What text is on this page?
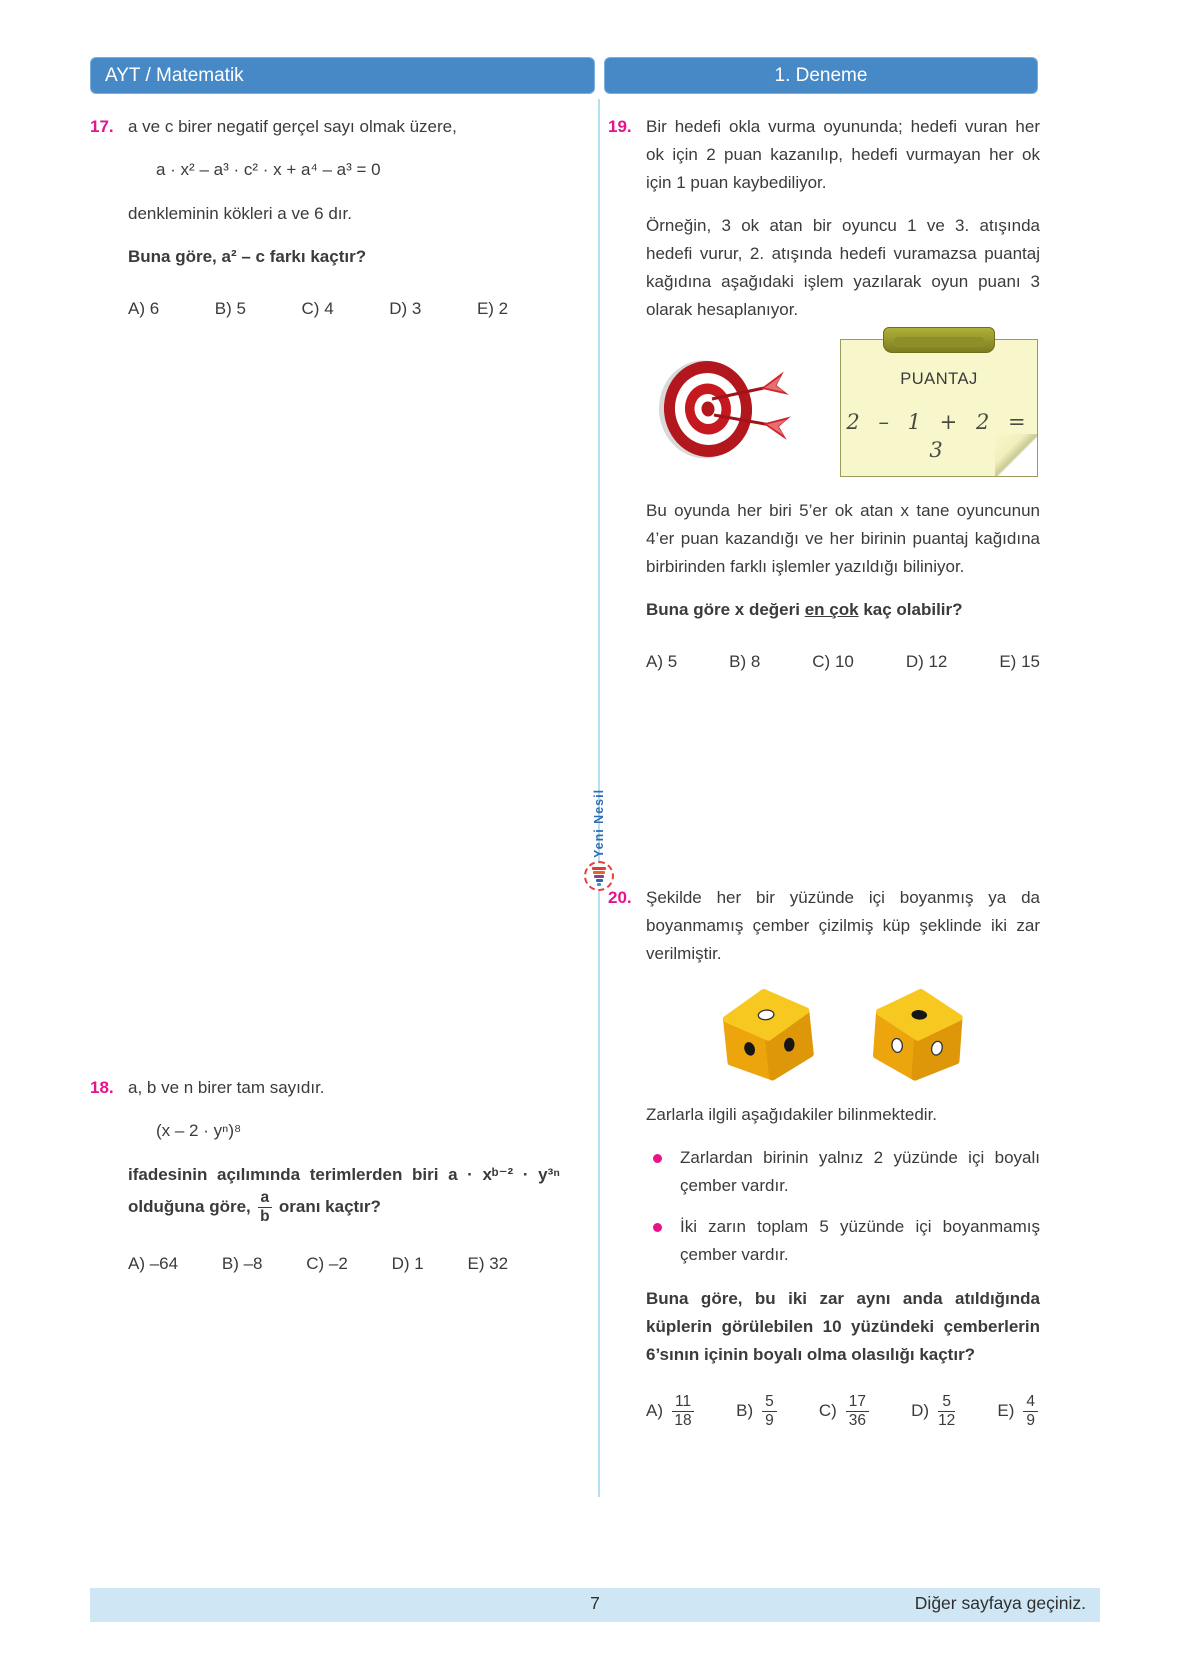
AYT / Matematik	1. Deneme
17. a ve c birer negatif gerçel sayı olmak üzere,

a · x² – a³ · c² · x + a⁴ – a³ = 0

denkleminin kökleri a ve 6 dır.

Buna göre, a² – c farkı kaçtır?

A) 6	B) 5	C) 4	D) 3	E) 2
18. a, b ve n birer tam sayıdır.

(x – 2 · yⁿ)⁸

ifadesinin açılımında terimlerden biri a · xᵇ⁻² · y³ⁿ olduğuna göre, $\frac{a}{b}$ oranı kaçtır?

A) –64	B) –8	C) –2	D) 1	E) 32
19. Bir hedefi okla vurma oyununda; hedefi vuran her ok için 2 puan kazanılıp, hedefi vurmayan her ok için 1 puan kaybediliyor.

Örneğin, 3 ok atan bir oyuncu 1 ve 3. atışında hedefi vurur, 2. atışında hedefi vuramazsa puantaj kağıdına aşağıdaki işlem yazılarak oyun puanı 3 olarak hesaplanıyor.

PUANTAJ
2 – 1 + 2 = 3

Bu oyunda her biri 5’er ok atan x tane oyuncunun 4’er puan kazandığı ve her birinin puantaj kağıdına birbirinden farklı işlemler yazıldığı biliniyor.

Buna göre x değeri en çok kaç olabilir?

A) 5	B) 8	C) 10	D) 12	E) 15
Yeni Nesil
20. Şekilde her bir yüzünde içi boyanmış ya da boyanmamış çember çizilmiş küp şeklinde iki zar verilmiştir.

Zarlarla ilgili aşağıdakiler bilinmektedir.

Zarlardan birinin yalnız 2 yüzünde içi boyalı çember vardır.
İki zarın toplam 5 yüzünde içi boyanmamış çember vardır.

Buna göre, bu iki zar aynı anda atıldığında küplerin görülebilen 10 yüzündeki çemberlerin 6’sının içinin boyalı olma olasılığı kaçtır?

$A) \frac{11}{18} B) \frac{5}{9} C) \frac{17}{36} D) \frac{5}{12} E) \frac{4}{9}$
7	Diğer sayfaya geçiniz.
